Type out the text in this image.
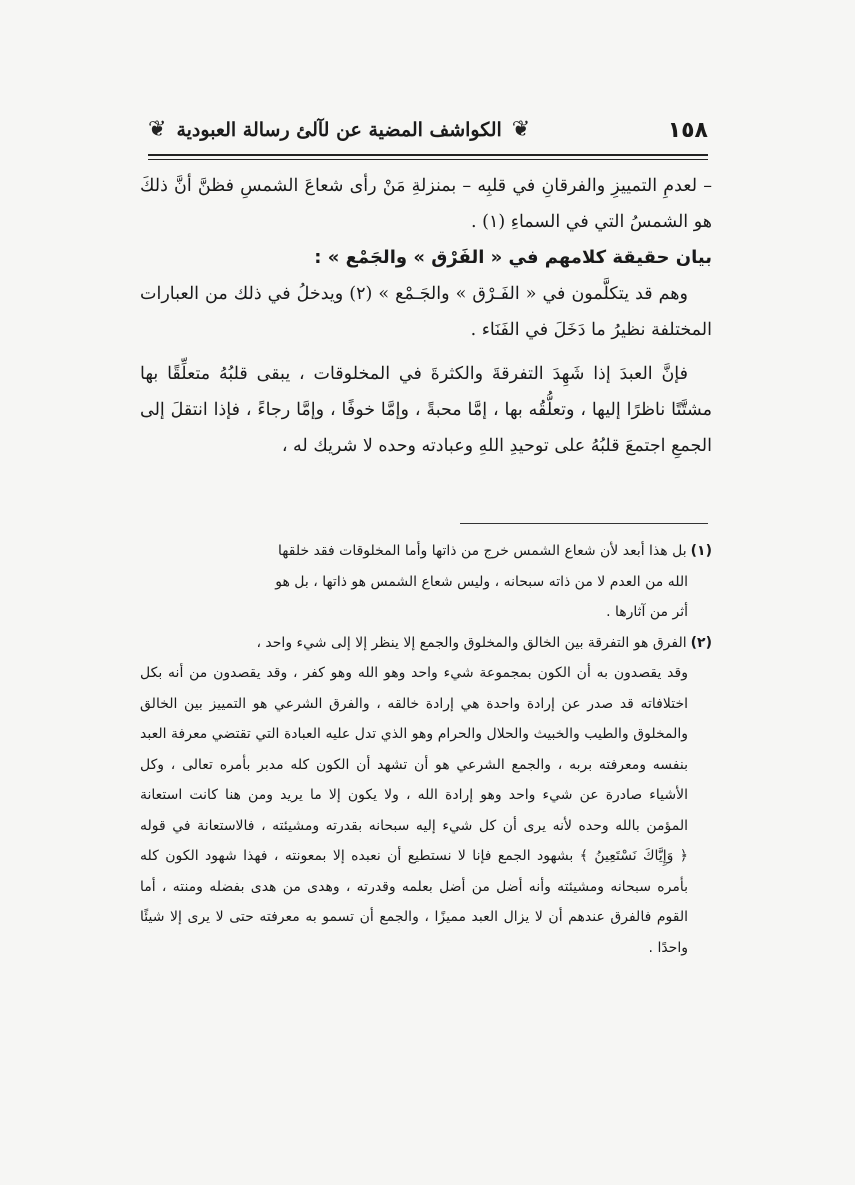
❦ الكواشف المضية عن لآلئ رسالة العبودية ❦	١٥٨

– لعدمِ التمييزِ والفرقانِ في قلبِه – بمنزلةِ مَنْ رأى شعاعَ الشمسِ فظنَّ أنَّ ذلكَ هو الشمسُ التي في السماءِ (١) .

بيان حقيقة كلامهم في « الفَرْق » والجَمْع » :

وهم قد يتكلَّمون في « الفَـرْق » والجَـمْع » (٢) ويدخلُ في ذلك من العبارات المختلفة نظيرُ ما دَخَلَ في الفَنَاء .

فإنَّ العبدَ إذا شَهِدَ التفرقةَ والكثرةَ في المخلوقات ، يبقى قلبُهُ متعلِّقًا بها مشتَّتًا ناظرًا إليها ، وتعلُّقُه بها ، إمَّا محبةً ، وإمَّا خوفًا ، وإمَّا رجاءً ، فإذا انتقلَ إلى الجمعِ اجتمعَ قلبُهُ على توحيدِ اللهِ وعبادته وحده لا شريك له ،

(١)بل هذا أبعد لأن شعاع الشمس خرج من ذاتها وأما المخلوقات فقد خلقها

الله من العدم لا من ذاته سبحانه ، وليس شعاع الشمس هو ذاتها ، بل هو

أثر من آثارها .

(٢)الفرق هو التفرقة بين الخالق والمخلوق والجمع إلا ينظر إلا إلى شيء واحد ،

وقد يقصدون به أن الكون بمجموعة شيء واحد وهو الله وهو كفر ، وقد يقصدون من أنه بكل اختلافاته قد صدر عن إرادة واحدة هي إرادة خالقه ، والفرق الشرعي هو التمييز بين الخالق والمخلوق والطيب والخبيث والحلال والحرام وهو الذي تدل عليه العبادة التي تقتضي معرفة العبد بنفسه ومعرفته بربه ، والجمع الشرعي هو أن تشهد أن الكون كله مدبر بأمره تعالى ، وكل الأشياء صادرة عن شيء واحد وهو إرادة الله ، ولا يكون إلا ما يريد ومن هنا كانت استعانة المؤمن بالله وحده لأنه يرى أن كل شيء إليه سبحانه بقدرته ومشيئته ، فالاستعانة في قوله ﴿ وَإِيَّاكَ نَسْتَعِينُ ﴾ بشهود الجمع فإنا لا نستطيع أن نعبده إلا بمعونته ، فهذا شهود الكون كله بأمره سبحانه ومشيئته وأنه أضل من أضل بعلمه وقدرته ، وهدى من هدى بفضله ومنته ، أما القوم فالفرق عندهم أن لا يزال العبد مميزًا ، والجمع أن تسمو به معرفته حتى لا يرى إلا شيئًا واحدًا .
